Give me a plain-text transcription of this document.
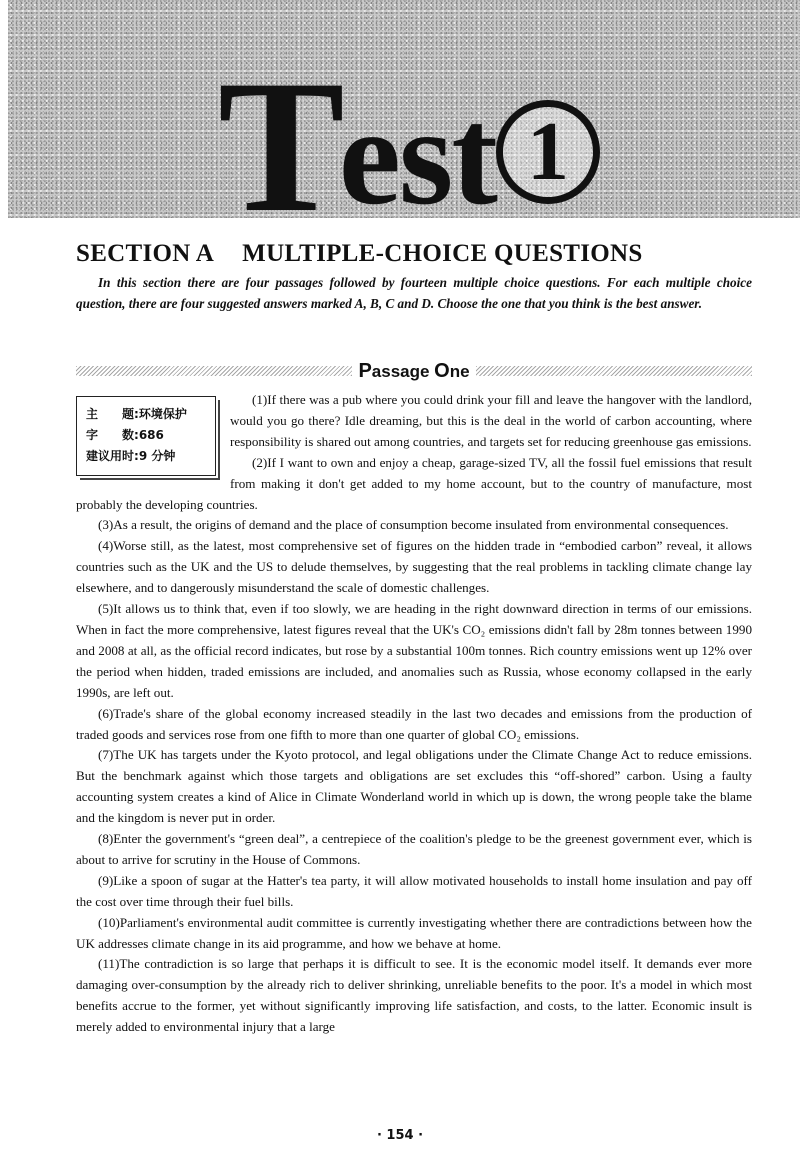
T est 1
SECTION A MULTIPLE-CHOICE QUESTIONS

In this section there are four passages followed by fourteen multiple choice questions. For each multiple choice question, there are four suggested answers marked A, B, C and D. Choose the one that you think is the best answer.

Passage One

(1)If there was a pub where you could drink your fill and leave the hangover with the landlord, would you go there? Idle dreaming, but this is the deal in the world of carbon accounting, where responsibility is shared out among countries, and targets set for reducing greenhouse gas emissions.

(2)If I want to own and enjoy a cheap, garage-sized TV, all the fossil fuel emissions that result from making it don't get added to my home account, but to the country of manufacture, most probably the developing countries.

(3)As a result, the origins of demand and the place of consumption become insulated from environmental consequences.

(4)Worse still, as the latest, most comprehensive set of figures on the hidden trade in “embodied carbon” reveal, it allows countries such as the UK and the US to delude themselves, by suggesting that the real problems in tackling climate change lay elsewhere, and to dangerously misunderstand the scale of domestic challenges.

(5)It allows us to think that, even if too slowly, we are heading in the right downward direction in terms of our emissions. When in fact the more comprehensive, latest figures reveal that the UK's CO₂ emissions didn't fall by 28m tonnes between 1990 and 2008 at all, as the official record indicates, but rose by a substantial 100m tonnes. Rich country emissions went up 12% over the period when hidden, traded emissions are included, and anomalies such as Russia, whose economy collapsed in the early 1990s, are left out.

(6)Trade's share of the global economy increased steadily in the last two decades and emissions from the production of traded goods and services rose from one fifth to more than one quarter of global CO₂ emissions.

(7)The UK has targets under the Kyoto protocol, and legal obligations under the Climate Change Act to reduce emissions. But the benchmark against which those targets and obligations are set excludes this “off-shored” carbon. Using a faulty accounting system creates a kind of Alice in Climate Wonderland world in which up is down, the wrong people take the blame and the kingdom is never put in order.

(8)Enter the government's “green deal”, a centrepiece of the coalition's pledge to be the greenest government ever, which is about to arrive for scrutiny in the House of Commons.

(9)Like a spoon of sugar at the Hatter's tea party, it will allow motivated households to install home insulation and pay off the cost over time through their fuel bills.

(10)Parliament's environmental audit committee is currently investigating whether there are contradictions between how the UK addresses climate change in its aid programme, and how we behave at home.

(11)The contradiction is so large that perhaps it is difficult to see. It is the economic model itself. It demands ever more damaging over-consumption by the already rich to deliver shrinking, unreliable benefits to the poor. It's a model in which most benefits accrue to the former, yet without significantly improving life satisfaction, and costs, to the latter. Economic insult is merely added to environmental injury that a large

主　　题: 环境保护
字　　数: 686
建议用时: 9 分钟
· 154 ·
